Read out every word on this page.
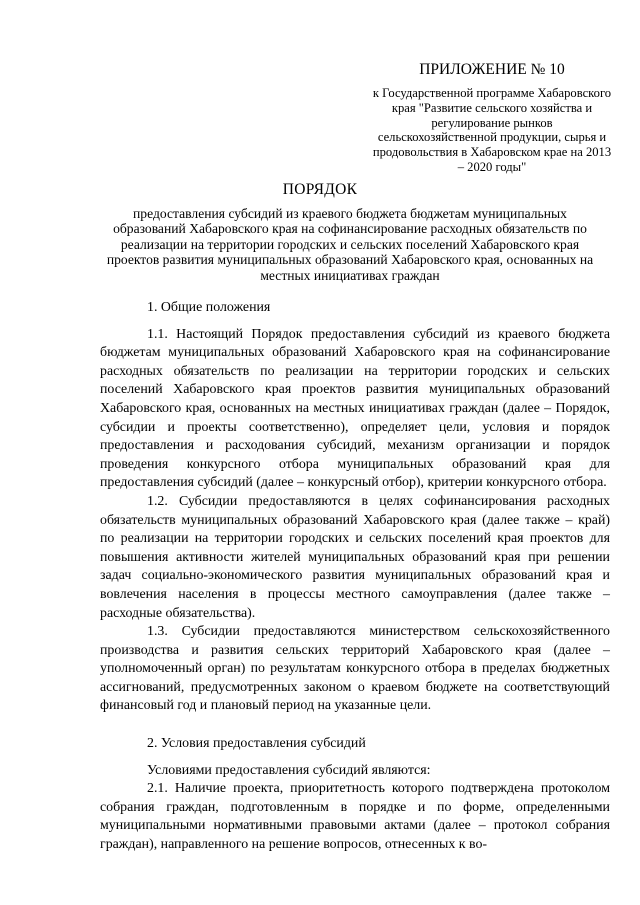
ПРИЛОЖЕНИЕ № 10

к Государственной программе Хабаровского края "Развитие сельского хозяйства и регулирование рынков сельскохозяйственной продукции, сырья и продовольствия в Хабаровском крае на 2013 – 2020 годы"

ПОРЯДОК

предоставления субсидий из краевого бюджета бюджетам муниципальных образований Хабаровского края на софинансирование расходных обязательств по реализации на территории городских и сельских поселений Хабаровского края проектов развития муниципальных образований Хабаровского края, основанных на местных инициативах граждан

1. Общие положения

1.1. Настоящий Порядок предоставления субсидий из краевого бюджета бюджетам муниципальных образований Хабаровского края на софинансирование расходных обязательств по реализации на территории городских и сельских поселений Хабаровского края проектов развития муниципальных образований Хабаровского края, основанных на местных инициативах граждан (далее – Порядок, субсидии и проекты соответственно), определяет цели, условия и порядок предоставления и расходования субсидий, механизм организации и порядок проведения конкурсного отбора муниципальных образований края для предоставления субсидий (далее – конкурсный отбор), критерии конкурсного отбора.

1.2. Субсидии предоставляются в целях софинансирования расходных обязательств муниципальных образований Хабаровского края (далее также – край) по реализации на территории городских и сельских поселений края проектов для повышения активности жителей муниципальных образований края при решении задач социально-экономического развития муниципальных образований края и вовлечения населения в процессы местного самоуправления (далее также – расходные обязательства).

1.3. Субсидии предоставляются министерством сельскохозяйственного производства и развития сельских территорий Хабаровского края (далее – уполномоченный орган) по результатам конкурсного отбора в пределах бюджетных ассигнований, предусмотренных законом о краевом бюджете на соответствующий финансовый год и плановый период на указанные цели.

2. Условия предоставления субсидий

Условиями предоставления субсидий являются:

2.1. Наличие проекта, приоритетность которого подтверждена протоколом собрания граждан, подготовленным в порядке и по форме, определенными муниципальными нормативными правовыми актами (далее – протокол собрания граждан), направленного на решение вопросов, отнесенных к во-
